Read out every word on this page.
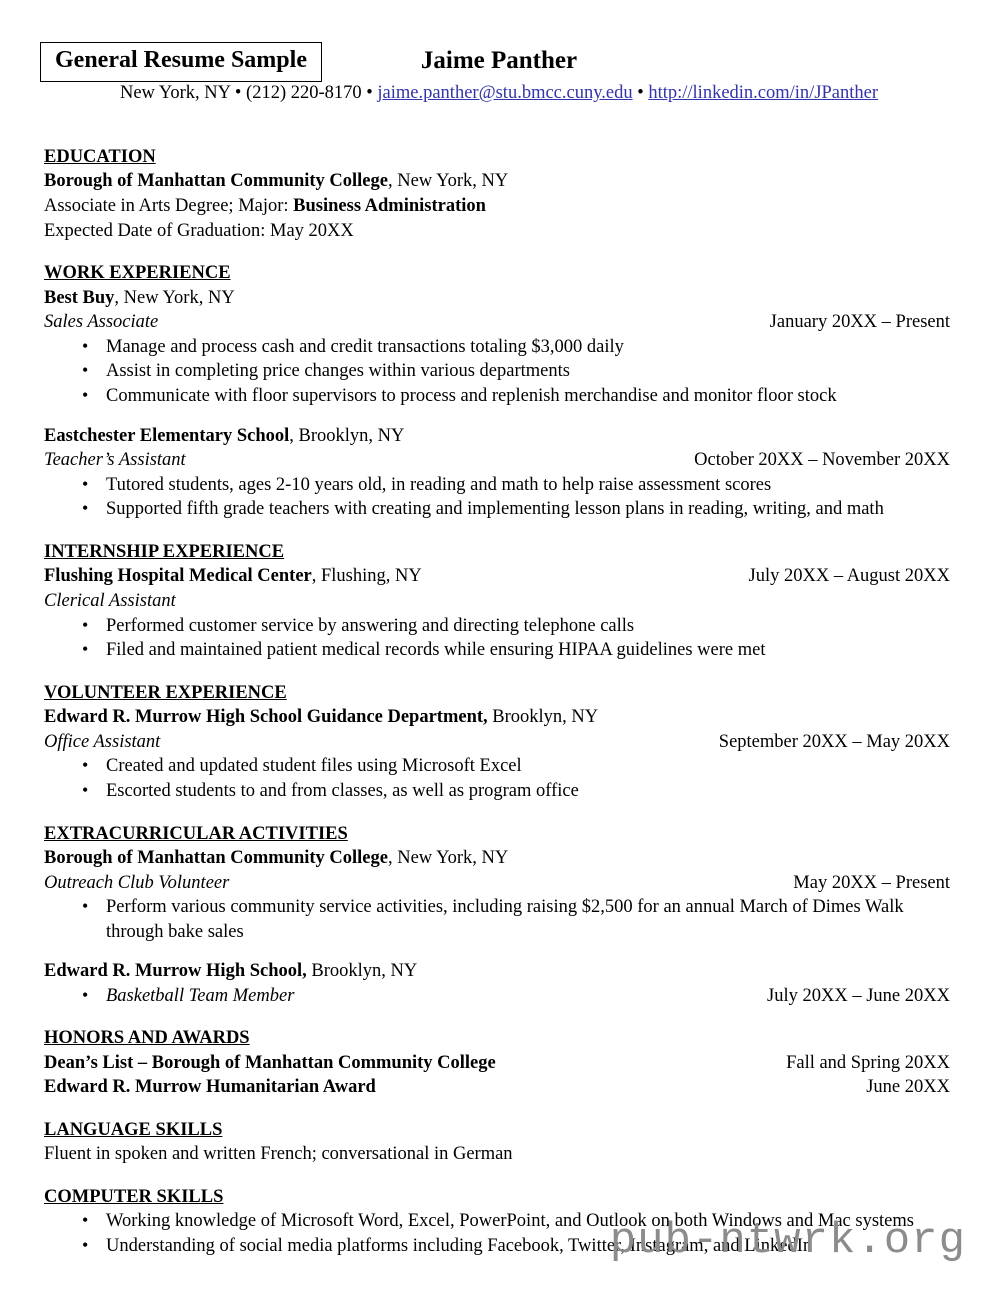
General Resume Sample	Jaime Panther
New York, NY • (212) 220-8170 • jaime.panther@stu.bmcc.cuny.edu • http://linkedin.com/in/JPanther
EDUCATION
Borough of Manhattan Community College, New York, NY
Associate in Arts Degree; Major: Business Administration
Expected Date of Graduation: May 20XX
WORK EXPERIENCE
Best Buy, New York, NY
Sales Associate	January 20XX – Present
• Manage and process cash and credit transactions totaling $3,000 daily
• Assist in completing price changes within various departments
• Communicate with floor supervisors to process and replenish merchandise and monitor floor stock
Eastchester Elementary School, Brooklyn, NY
Teacher’s Assistant	October 20XX – November 20XX
• Tutored students, ages 2-10 years old, in reading and math to help raise assessment scores
• Supported fifth grade teachers with creating and implementing lesson plans in reading, writing, and math
INTERNSHIP EXPERIENCE
Flushing Hospital Medical Center, Flushing, NY	July 20XX – August 20XX
Clerical Assistant
• Performed customer service by answering and directing telephone calls
• Filed and maintained patient medical records while ensuring HIPAA guidelines were met
VOLUNTEER EXPERIENCE
Edward R. Murrow High School Guidance Department, Brooklyn, NY
Office Assistant	September 20XX – May 20XX
• Created and updated student files using Microsoft Excel
• Escorted students to and from classes, as well as program office
EXTRACURRICULAR ACTIVITIES
Borough of Manhattan Community College, New York, NY
Outreach Club Volunteer	May 20XX – Present
• Perform various community service activities, including raising $2,500 for an annual March of Dimes Walk through bake sales
Edward R. Murrow High School, Brooklyn, NY
• Basketball Team Member	July 20XX – June 20XX
HONORS AND AWARDS
Dean’s List – Borough of Manhattan Community College	Fall and Spring 20XX
Edward R. Murrow Humanitarian Award	June 20XX
LANGUAGE SKILLS
Fluent in spoken and written French; conversational in German
COMPUTER SKILLS
• Working knowledge of Microsoft Word, Excel, PowerPoint, and Outlook on both Windows and Mac systems
• Understanding of social media platforms including Facebook, Twitter, Instagram, and LinkedIn
pub-ntwrk.org
